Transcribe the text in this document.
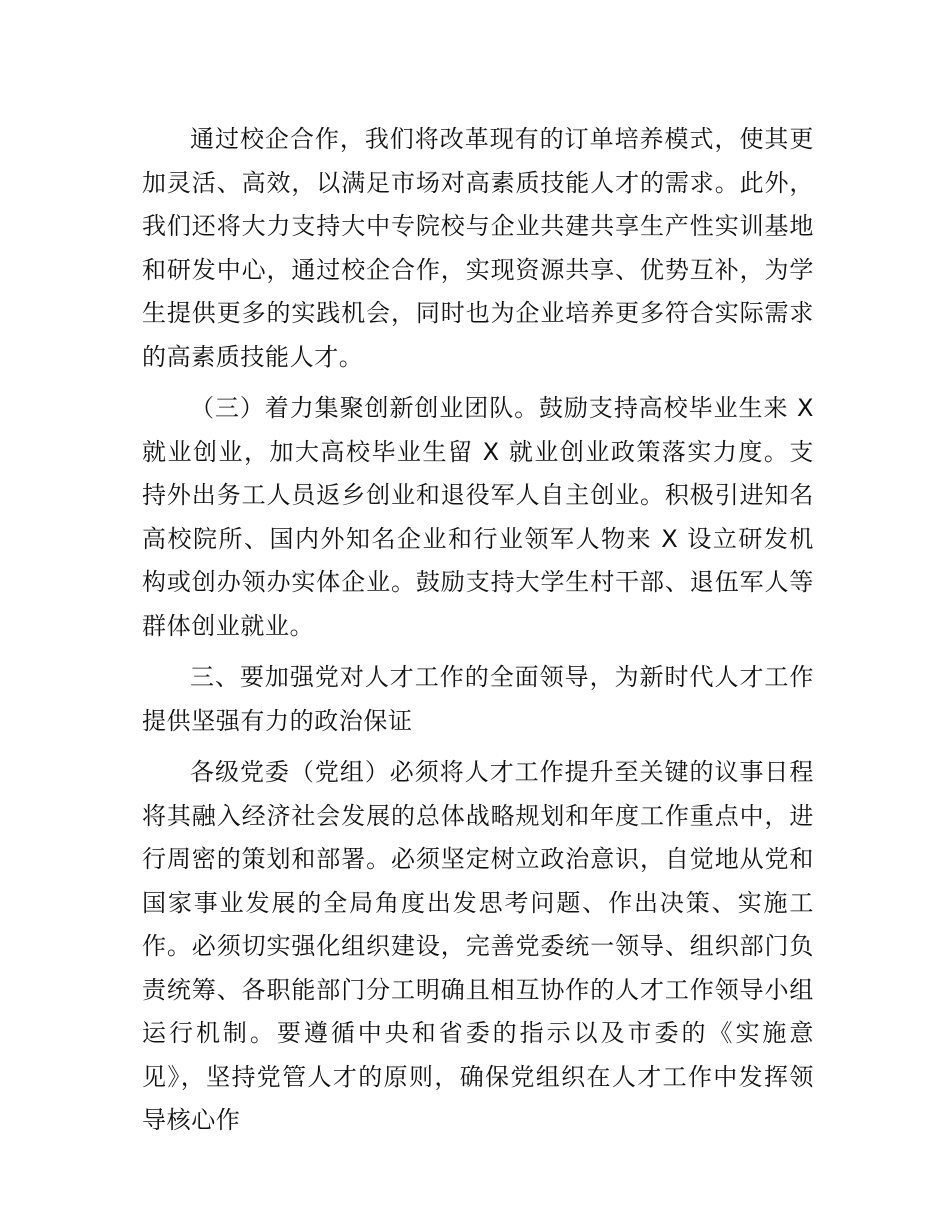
通过校企合作，我们将改革现有的订单培养模式，使其更加灵活、高效，以满足市场对高素质技能人才的需求。此外，我们还将大力支持大中专院校与企业共建共享生产性实训基地和研发中心，通过校企合作，实现资源共享、优势互补，为学生提供更多的实践机会，同时也为企业培养更多符合实际需求的高素质技能人才。

（三）着力集聚创新创业团队。鼓励支持高校毕业生来 X 就业创业，加大高校毕业生留 X 就业创业政策落实力度。支持外出务工人员返乡创业和退役军人自主创业。积极引进知名高校院所、国内外知名企业和行业领军人物来 X 设立研发机构或创办领办实体企业。鼓励支持大学生村干部、退伍军人等群体创业就业。

三、要加强党对人才工作的全面领导，为新时代人才工作提供坚强有力的政治保证

各级党委（党组）必须将人才工作提升至关键的议事日程将其融入经济社会发展的总体战略规划和年度工作重点中，进行周密的策划和部署。必须坚定树立政治意识，自觉地从党和国家事业发展的全局角度出发思考问题、作出决策、实施工作。必须切实强化组织建设，完善党委统一领导、组织部门负责统筹、各职能部门分工明确且相互协作的人才工作领导小组运行机制。要遵循中央和省委的指示以及市委的《实施意见》，坚持党管人才的原则，确保党组织在人才工作中发挥领导核心作
